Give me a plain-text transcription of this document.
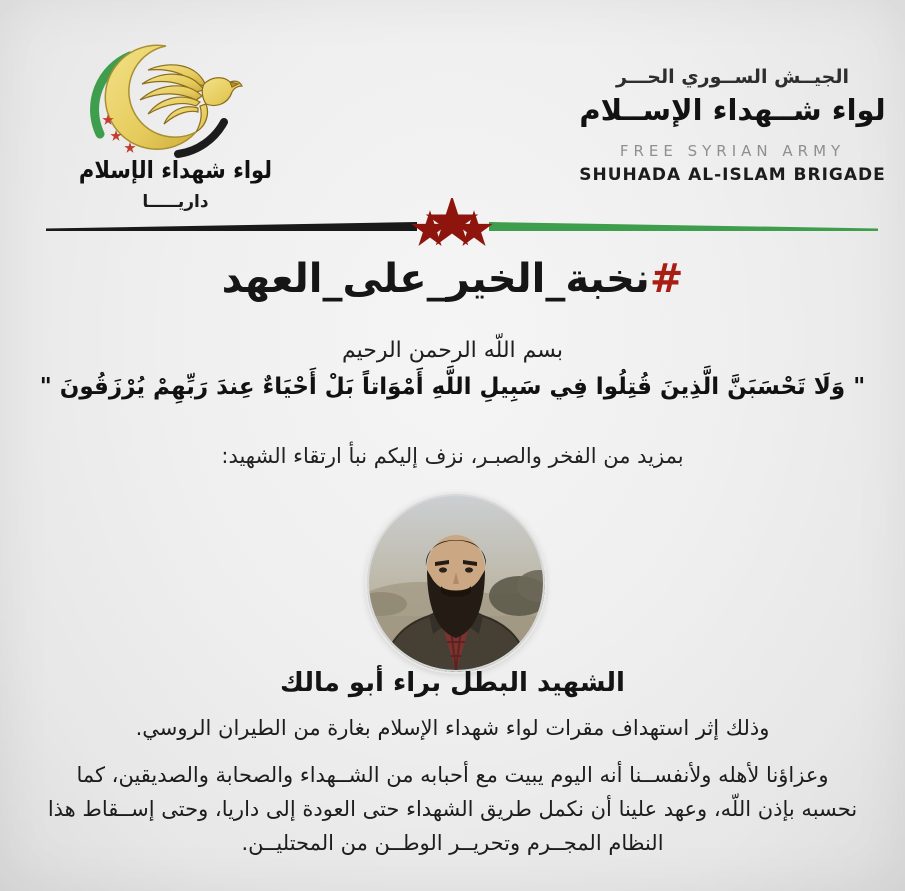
لواء شهداء الإسلام
داريـــــا
الجيــش الســوري الحـــر
لواء شــهداء الإســلام
FREE SYRIAN ARMY
SHUHADA AL-ISLAM BRIGADE
#نخبة_الخير_على_العهد
بسم اللّه الرحمن الرحيم
" وَلَا تَحْسَبَنَّ الَّذِينَ قُتِلُوا فِي سَبِيلِ اللَّهِ أَمْوَاتاً بَلْ أَحْيَاءٌ عِندَ رَبِّهِمْ يُرْزَقُونَ "
بمزيد من الفخر والصبـر، نزف إليكم نبأ ارتقاء الشهيد:
الشهيد البطل براء أبو مالك
وذلك إثر استهداف مقرات لواء شهداء الإسلام بغارة من الطيران الروسي.
وعزاؤنا لأهله ولأنفســنا أنه اليوم يبيت مع أحبابه من الشــهداء والصحابة والصديقين، كما
نحسبه بإذن اللّه، وعهد علينا أن نكمل طريق الشهداء حتى العودة إلى داريا، وحتى إســقاط هذا
النظام المجــرم وتحريــر الوطــن من المحتليــن.
